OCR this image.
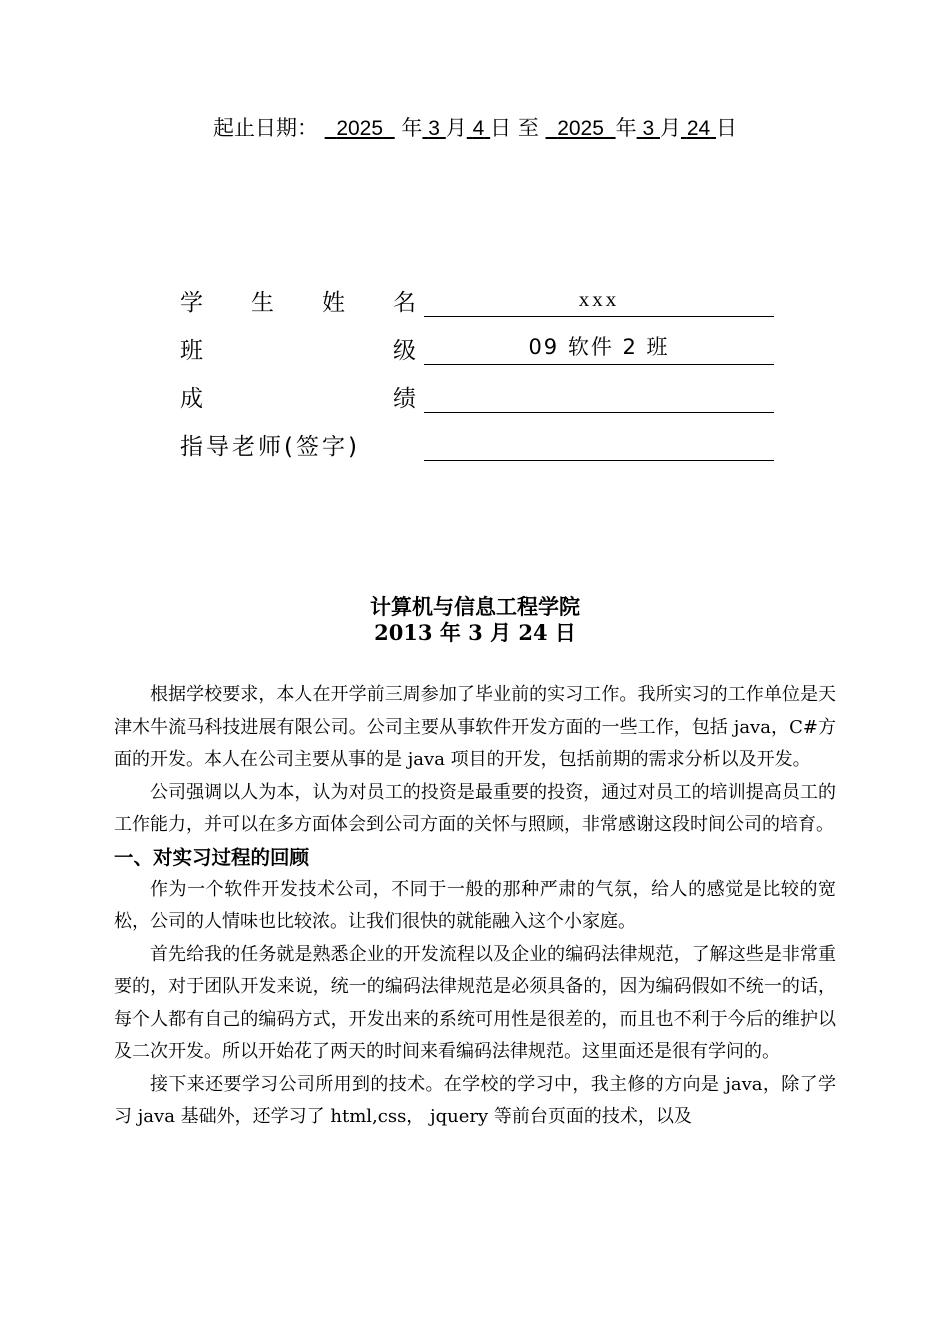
起止日期： 2025 年 3 月 4 日 至 2025 年 3 月 24 日
学 生 姓 名	xxx
班	级	09 软件 2 班
成	绩
指导老师(签字)
计算机与信息工程学院
2013 年 3 月 24 日

根据学校要求，本人在开学前三周参加了毕业前的实习工作。我所实习的工作单位是天津木牛流马科技进展有限公司。公司主要从事软件开发方面的一些工作，包括 java，C#方面的开发。本人在公司主要从事的是 java 项目的开发，包括前期的需求分析以及开发。

公司强调以人为本，认为对员工的投资是最重要的投资，通过对员工的培训提高员工的工作能力，并可以在多方面体会到公司方面的关怀与照顾，非常感谢这段时间公司的培育。

一、对实习过程的回顾

作为一个软件开发技术公司，不同于一般的那种严肃的气氛，给人的感觉是比较的宽松，公司的人情味也比较浓。让我们很快的就能融入这个小家庭。

首先给我的任务就是熟悉企业的开发流程以及企业的编码法律规范，了解这些是非常重要的，对于团队开发来说，统一的编码法律规范是必须具备的，因为编码假如不统一的话，每个人都有自己的编码方式，开发出来的系统可用性是很差的，而且也不利于今后的维护以及二次开发。所以开始花了两天的时间来看编码法律规范。这里面还是很有学问的。

接下来还要学习公司所用到的技术。在学校的学习中，我主修的方向是 java，除了学习 java 基础外，还学习了 html,css， jquery 等前台页面的技术，以及
